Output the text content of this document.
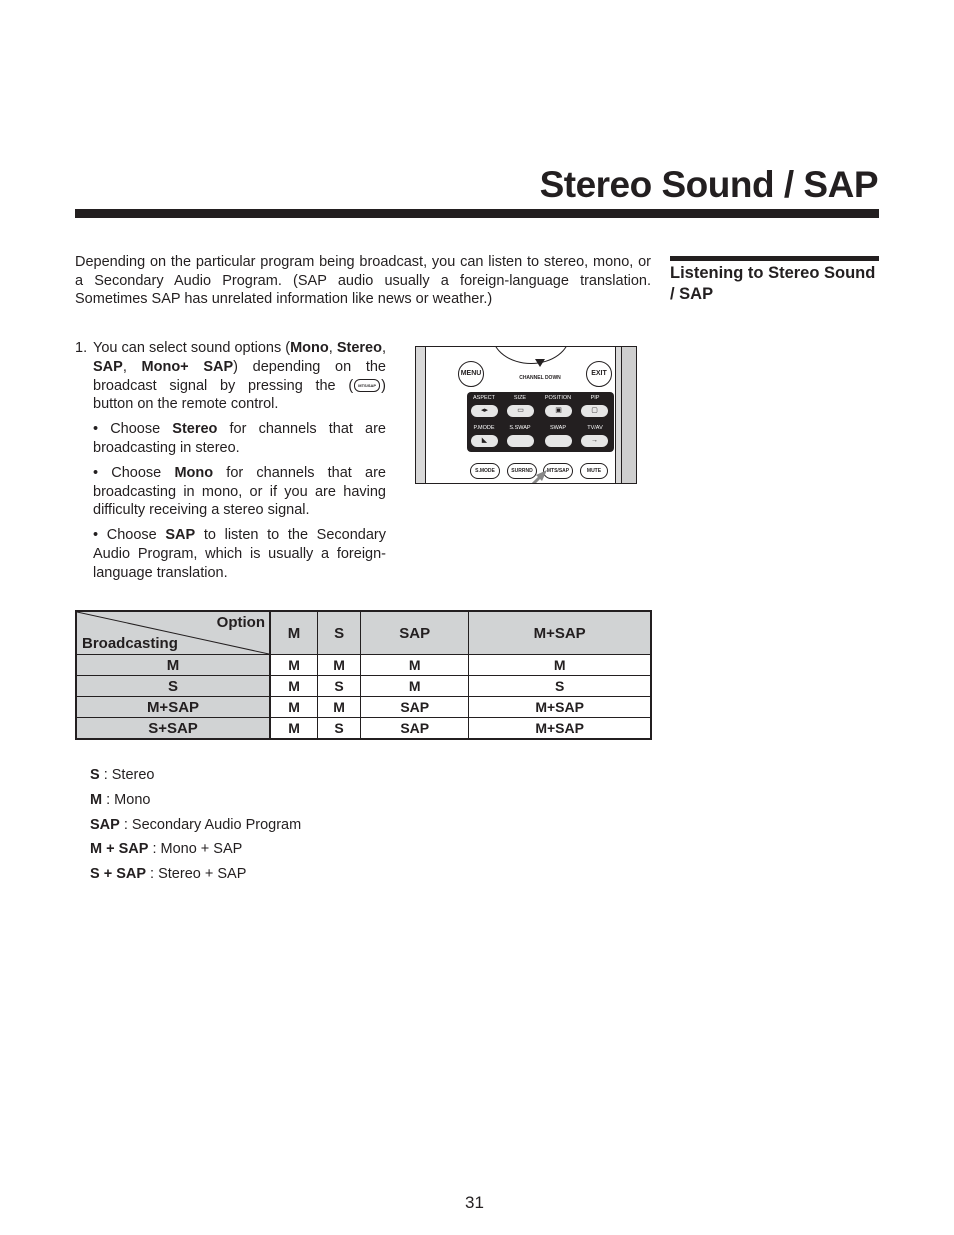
Stereo Sound / SAP
Listening to Stereo Sound / SAP

Depending on the particular program being broadcast, you can listen to stereo, mono, or a Secondary Audio Program. (SAP audio usually a foreign-language translation. Sometimes SAP has unrelated information like news or weather.)

1. You can select sound options (Mono, Stereo, SAP, Mono+ SAP) depending on the broadcast signal by pressing the ( MTS/SAP ) button on the remote control.

• Choose Stereo for channels that are broadcasting in stereo.

• Choose Mono for channels that are broadcasting in mono, or if you are having difficulty receiving a stereo signal.

• Choose SAP to listen to the Secondary Audio Program, which is usually a foreign-language translation.

CHANNEL DOWN
MENU	EXIT
ASPECT	SIZE	POSITION	PIP
◂▸	▭	▣	▢
P.MODE	S.SWAP	SWAP	TV/AV
◣	→
S.MODE	SURRND	MTS/SAP	MUTE
Option
Broadcasting	M	S	SAP	M+SAP
M	M	M	M	M
S	M	S	M	S
M+SAP	M	M	SAP	M+SAP
S+SAP	M	S	SAP	M+SAP
S : Stereo
M : Mono
SAP : Secondary Audio Program
M + SAP : Mono + SAP
S + SAP : Stereo + SAP
31
